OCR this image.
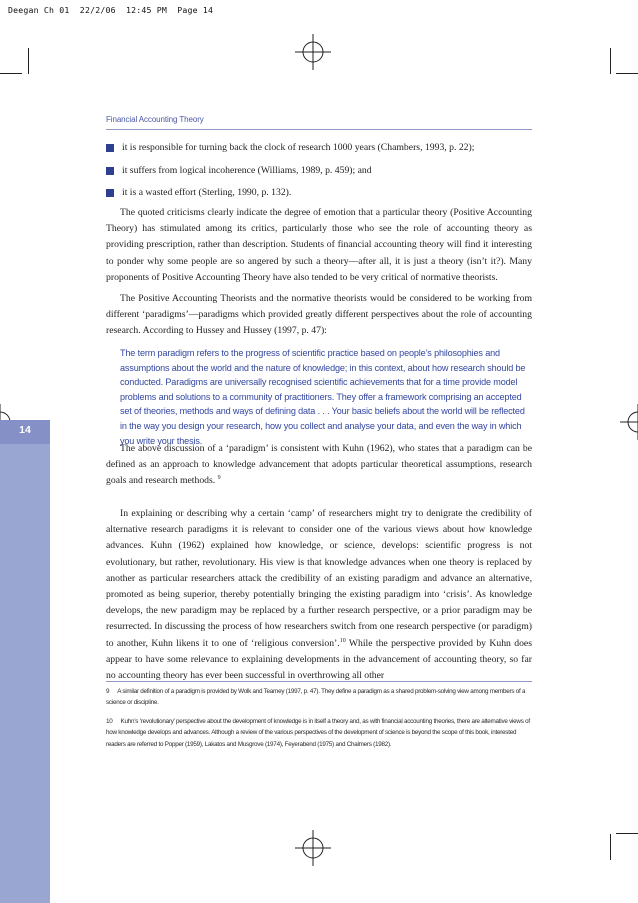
Deegan Ch 01  22/2/06  12:45 PM  Page 14
14
Financial Accounting Theory
it is responsible for turning back the clock of research 1000 years (Chambers, 1993, p. 22);
it suffers from logical incoherence (Williams, 1989, p. 459); and
it is a wasted effort (Sterling, 1990, p. 132).

The quoted criticisms clearly indicate the degree of emotion that a particular theory (Positive Accounting Theory) has stimulated among its critics, particularly those who see the role of accounting theory as providing prescription, rather than description. Students of financial accounting theory will find it interesting to ponder why some people are so angered by such a theory—after all, it is just a theory (isn’t it?). Many proponents of Positive Accounting Theory have also tended to be very critical of normative theorists.

The Positive Accounting Theorists and the normative theorists would be considered to be working from different ‘paradigms’—paradigms which provided greatly different perspectives about the role of accounting research. According to Hussey and Hussey (1997, p. 47):

The term paradigm refers to the progress of scientific practice based on people’s philosophies and assumptions about the world and the nature of knowledge; in this context, about how research should be conducted. Paradigms are universally recognised scientific achievements that for a time provide model problems and solutions to a community of practitioners. They offer a framework comprising an accepted set of theories, methods and ways of defining data . . . Your basic beliefs about the world will be reflected in the way you design your research, how you collect and analyse your data, and even the way in which you write your thesis.

The above discussion of a ‘paradigm’ is consistent with Kuhn (1962), who states that a paradigm can be defined as an approach to knowledge advancement that adopts particular theoretical assumptions, research goals and research methods. $^9$

In explaining or describing why a certain ‘camp’ of researchers might try to denigrate the credibility of alternative research paradigms it is relevant to consider one of the various views about how knowledge advances. Kuhn (1962) explained how knowledge, or science, develops: scientific progress is not evolutionary, but rather, revolutionary. His view is that knowledge advances when one theory is replaced by another as particular researchers attack the credibility of an existing paradigm and advance an alternative, promoted as being superior, thereby potentially bringing the existing paradigm into ‘crisis’. As knowledge develops, the new paradigm may be replaced by a further research perspective, or a prior paradigm may be resurrected. In discussing the process of how researchers switch from one research perspective (or paradigm) to another, Kuhn likens it to one of ‘religious conversion’.$^{10}$ While the perspective provided by Kuhn does appear to have some relevance to explaining developments in the advancement of accounting theory, so far no accounting theory has ever been successful in overthrowing all other

9 A similar definition of a paradigm is provided by Wolk and Tearney (1997, p. 47). They define a paradigm as a shared problem-solving view among members of a science or discipline.

10 Kuhn’s ‘revolutionary’ perspective about the development of knowledge is in itself a theory and, as with financial accounting theories, there are alternative views of how knowledge develops and advances. Although a review of the various perspectives of the development of science is beyond the scope of this book, interested readers are referred to Popper (1959), Lakatos and Musgrove (1974), Feyerabend (1975) and Chalmers (1982).
